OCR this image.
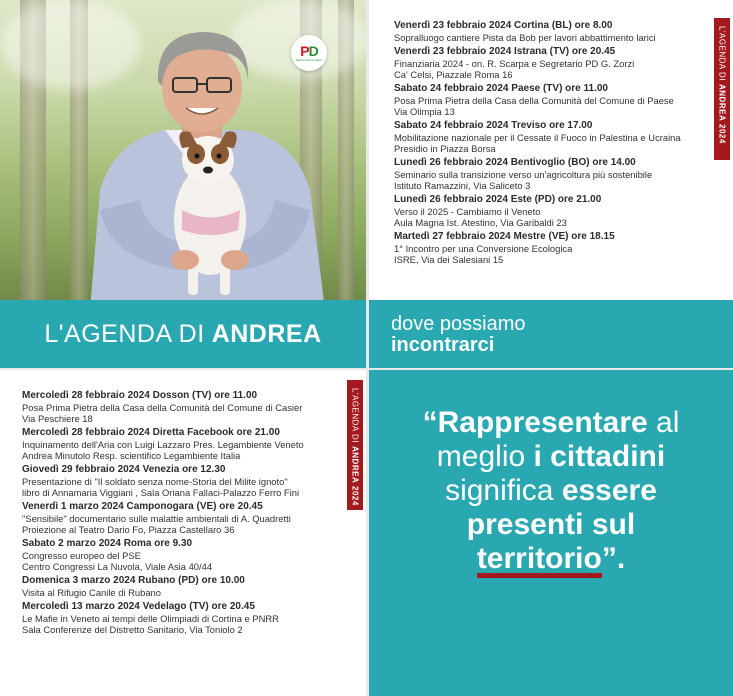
PD
Partito Democratico
L'AGENDA DI ANDREA
Venerdì 23 febbraio 2024 Cortina (BL) ore 8.00
Sopralluogo cantiere Pista da Bob per lavori abbattimento larici
Venerdì 23 febbraio 2024 Istrana (TV) ore 20.45
Finanziaria 2024 - on. R. Scarpa e Segretario PD G. Zorzi
Ca' Celsi, Piazzale Roma 16
Sabato 24 febbraio 2024 Paese (TV) ore 11.00
Posa Prima Pietra della Casa della Comunità del Comune di Paese
Via Olimpia 13
Sabato 24 febbraio 2024 Treviso ore 17.00
Mobilitazione nazionale per il Cessate il Fuoco in Palestina e Ucraina
Presidio in Piazza Borsa
Lunedì 26 febbraio 2024 Bentivoglio (BO) ore 14.00
Seminario sulla transizione verso un'agricoltura più sostenibile
Istituto Ramazzini, Via Saliceto 3
Lunedì 26 febbraio 2024 Este (PD) ore 21.00
Verso il 2025 - Cambiamo il Veneto
Aula Magna Ist. Atestino, Via Garibaldi 23
Martedì 27 febbraio 2024 Mestre (VE) ore 18.15
1° Incontro per una Conversione Ecologica
ISRE, Via dei Salesiani 15
L'AGENDA DI

ANDREA

2024
dove possiamo
incontrarci
Mercoledì 28 febbraio 2024 Dosson (TV) ore 11.00
Posa Prima Pietra della Casa della Comunità del Comune di Casier
Via Peschiere 18
Mercoledì 28 febbraio 2024 Diretta Facebook ore 21.00
Inquinamento dell'Aria con Luigi Lazzaro Pres. Legambiente Veneto
Andrea Minutolo Resp. scientifico Legambiente Italia
Giovedì 29 febbraio 2024 Venezia ore 12.30
Presentazione di "Il soldato senza nome-Storia del Milite ignoto"
libro di Annamaria Viggiani , Sala Oriana Fallaci-Palazzo Ferro Fini
Venerdì 1 marzo 2024 Camponogara (VE) ore 20.45
"Sensibile" documentario sulle malattie ambientali di A. Quadretti
Proiezione al Teatro Dario Fo, Piazza Castellaro 36
Sabato 2 marzo 2024 Roma ore 9.30
Congresso europeo del PSE
Centro Congressi La Nuvola, Viale Asia 40/44
Domenica 3 marzo 2024 Rubano (PD) ore 10.00
Visita al Rifugio Canile di Rubano
Mercoledì 13 marzo 2024 Vedelago (TV) ore 20.45
Le Mafie in Veneto ai tempi delle Olimpiadi di Cortina e PNRR
Sala Conferenze del Distretto Sanitario, Via Toniolo 2
L'AGENDA DI

ANDREA

2024
“Rappresentare al
meglio i cittadini
significa essere
presenti sul
territorio”.
